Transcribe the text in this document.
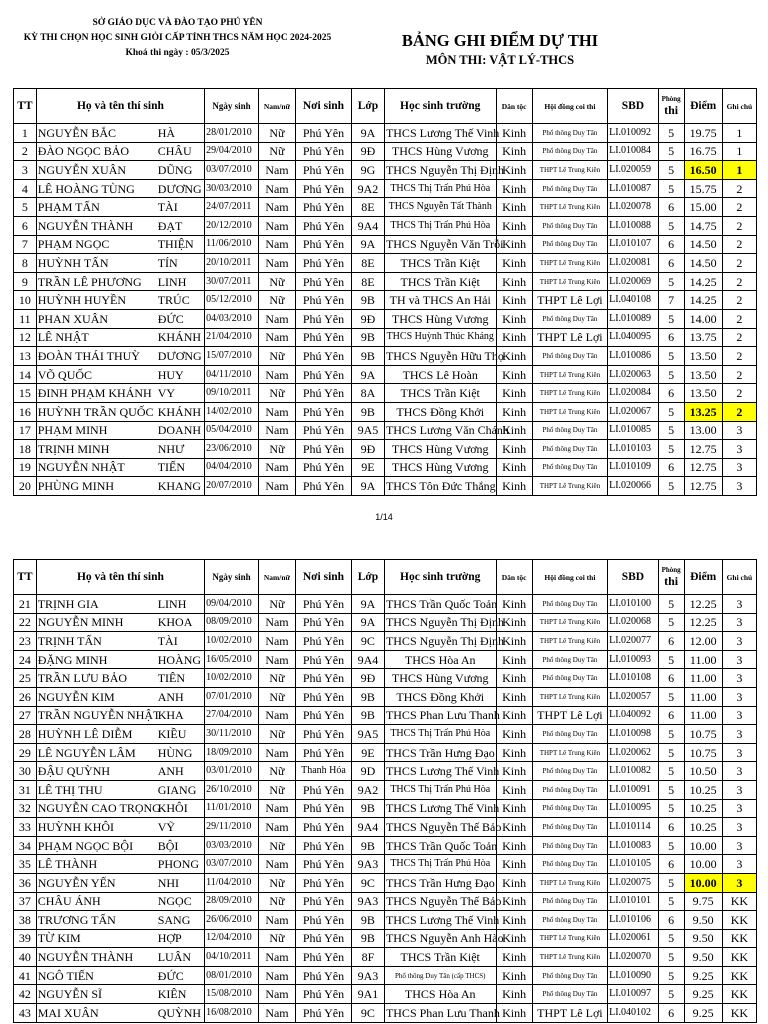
SỞ GIÁO DỤC VÀ ĐÀO TẠO PHÚ YÊN
KỲ THI CHỌN HỌC SINH GIỎI CẤP TỈNH THCS NĂM HỌC 2024-2025
Khoá thi ngày : 05/3/2025
BẢNG GHI ĐIỂM DỰ THI
MÔN THI: VẬT LÝ-THCS
TT	Họ và tên thí sinh	Ngày sinh	Nam/nữ	Nơi sinh	Lớp	Học sinh trường	Dân tộc	Hội đồng coi thi	SBD	Phòng
thi	Điểm	Ghi chú
1	NGUYỄN BẮC HÀ	28/01/2010	Nữ	Phú Yên	9A	THCS Lương Thế Vinh	Kinh	Phổ thông Duy Tân	LI.010092	5	19.75	1
2	ĐÀO NGỌC BẢO CHÂU	29/04/2010	Nữ	Phú Yên	9Đ	THCS Hùng Vương	Kinh	Phổ thông Duy Tân	LI.010084	5	16.75	1
3	NGUYỄN XUÂN DŨNG	03/07/2010	Nam	Phú Yên	9G	THCS Nguyễn Thị Định	Kinh	THPT Lê Trung Kiên	LI.020059	5	16.50	1
4	LÊ HOÀNG TÙNG DƯƠNG	30/03/2010	Nam	Phú Yên	9A2	THCS Thị Trấn Phú Hòa	Kinh	Phổ thông Duy Tân	LI.010087	5	15.75	2
5	PHẠM TẤN TÀI	24/07/2011	Nam	Phú Yên	8E	THCS Nguyễn Tất Thành	Kinh	THPT Lê Trung Kiên	LI.020078	6	15.00	2
6	NGUYỄN THÀNH ĐẠT	20/12/2010	Nam	Phú Yên	9A4	THCS Thị Trấn Phú Hòa	Kinh	Phổ thông Duy Tân	LI.010088	5	14.75	2
7	PHẠM NGỌC THIỆN	11/06/2010	Nam	Phú Yên	9A	THCS Nguyễn Văn Trỗi	Kinh	Phổ thông Duy Tân	LI.010107	6	14.50	2
8	HUỲNH TẤN TÍN	20/10/2011	Nam	Phú Yên	8E	THCS Trần Kiệt	Kinh	THPT Lê Trung Kiên	LI.020081	6	14.50	2
9	TRẦN LÊ PHƯƠNG LINH	30/07/2011	Nữ	Phú Yên	8E	THCS Trần Kiệt	Kinh	THPT Lê Trung Kiên	LI.020069	5	14.25	2
10	HUỲNH HUYỀN TRÚC	05/12/2010	Nữ	Phú Yên	9B	TH và THCS An Hải	Kinh	THPT Lê Lợi	LI.040108	7	14.25	2
11	PHAN XUÂN ĐỨC	04/03/2010	Nam	Phú Yên	9Đ	THCS Hùng Vương	Kinh	Phổ thông Duy Tân	LI.010089	5	14.00	2
12	LÊ NHẬT KHÁNH	21/04/2010	Nam	Phú Yên	9B	THCS Huỳnh Thúc Kháng	Kinh	THPT Lê Lợi	LI.040095	6	13.75	2
13	ĐOÀN THÁI THUỲ DƯƠNG	15/07/2010	Nữ	Phú Yên	9B	THCS Nguyễn Hữu Thọ	Kinh	Phổ thông Duy Tân	LI.010086	5	13.50	2
14	VÕ QUỐC HUY	04/11/2010	Nam	Phú Yên	9A	THCS Lê Hoàn	Kinh	THPT Lê Trung Kiên	LI.020063	5	13.50	2
15	ĐINH PHẠM KHÁNH VY	09/10/2011	Nữ	Phú Yên	8A	THCS Trần Kiệt	Kinh	THPT Lê Trung Kiên	LI.020084	6	13.50	2
16	HUỲNH TRẦN QUỐC KHÁNH	14/02/2010	Nam	Phú Yên	9B	THCS Đồng Khởi	Kinh	THPT Lê Trung Kiên	LI.020067	5	13.25	2
17	PHẠM MINH DOANH	05/04/2010	Nam	Phú Yên	9A5	THCS Lương Văn Chánh	Kinh	Phổ thông Duy Tân	LI.010085	5	13.00	3
18	TRỊNH MINH NHƯ	23/06/2010	Nữ	Phú Yên	9Đ	THCS Hùng Vương	Kinh	Phổ thông Duy Tân	LI.010103	5	12.75	3
19	NGUYỄN NHẬT TIẾN	04/04/2010	Nam	Phú Yên	9E	THCS Hùng Vương	Kinh	Phổ thông Duy Tân	LI.010109	6	12.75	3
20	PHÙNG MINH KHANG	20/07/2010	Nam	Phú Yên	9A	THCS Tôn Đức Thắng	Kinh	THPT Lê Trung Kiên	LI.020066	5	12.75	3
1/14
TT	Họ và tên thí sinh	Ngày sinh	Nam/nữ	Nơi sinh	Lớp	Học sinh trường	Dân tộc	Hội đồng coi thi	SBD	Phòng
thi	Điểm	Ghi chú
21	TRỊNH GIA LINH	09/04/2010	Nữ	Phú Yên	9A	THCS Trần Quốc Toản	Kinh	Phổ thông Duy Tân	LI.010100	5	12.25	3
22	NGUYỄN MINH KHOA	08/09/2010	Nam	Phú Yên	9A	THCS Nguyễn Thị Định	Kinh	THPT Lê Trung Kiên	LI.020068	5	12.25	3
23	TRỊNH TẤN TÀI	10/02/2010	Nam	Phú Yên	9C	THCS Nguyễn Thị Định	Kinh	THPT Lê Trung Kiên	LI.020077	6	12.00	3
24	ĐẶNG MINH HOÀNG	16/05/2010	Nam	Phú Yên	9A4	THCS Hòa An	Kinh	Phổ thông Duy Tân	LI.010093	5	11.00	3
25	TRẦN LƯU BẢO TIÊN	10/02/2010	Nữ	Phú Yên	9Đ	THCS Hùng Vương	Kinh	Phổ thông Duy Tân	LI.010108	6	11.00	3
26	NGUYỄN KIM ANH	07/01/2010	Nữ	Phú Yên	9B	THCS Đồng Khởi	Kinh	THPT Lê Trung Kiên	LI.020057	5	11.00	3
27	TRẦN NGUYỄN NHẬTKHA	27/04/2010	Nam	Phú Yên	9B	THCS Phan Lưu Thanh	Kinh	THPT Lê Lợi	LI.040092	6	11.00	3
28	HUỲNH LÊ DIỄM KIỀU	30/11/2010	Nữ	Phú Yên	9A5	THCS Thị Trấn Phú Hòa	Kinh	Phổ thông Duy Tân	LI.010098	5	10.75	3
29	LÊ NGUYỄN LÂM HÙNG	18/09/2010	Nam	Phú Yên	9E	THCS Trần Hưng Đạo	Kinh	THPT Lê Trung Kiên	LI.020062	5	10.75	3
30	ĐẬU QUỲNH ANH	03/01/2010	Nữ	Thanh Hóa	9D	THCS Lương Thế Vinh	Kinh	Phổ thông Duy Tân	LI.010082	5	10.50	3
31	LÊ THỊ THU GIANG	26/10/2010	Nữ	Phú Yên	9A2	THCS Thị Trấn Phú Hòa	Kinh	Phổ thông Duy Tân	LI.010091	5	10.25	3
32	NGUYỄN CAO TRỌNGKHÔI	11/01/2010	Nam	Phú Yên	9B	THCS Lương Thế Vinh	Kinh	Phổ thông Duy Tân	LI.010095	5	10.25	3
33	HUỲNH KHÔI VỸ	29/11/2010	Nam	Phú Yên	9A4	THCS Nguyễn Thế Bảo	Kinh	Phổ thông Duy Tân	LI.010114	6	10.25	3
34	PHẠM NGỌC BỘI BỘI	03/03/2010	Nữ	Phú Yên	9B	THCS Trần Quốc Toản	Kinh	Phổ thông Duy Tân	LI.010083	5	10.00	3
35	LÊ THÀNH PHONG	03/07/2010	Nam	Phú Yên	9A3	THCS Thị Trấn Phú Hòa	Kinh	Phổ thông Duy Tân	LI.010105	6	10.00	3
36	NGUYỄN YẾN NHI	11/04/2010	Nữ	Phú Yên	9C	THCS Trần Hưng Đạo	Kinh	THPT Lê Trung Kiên	LI.020075	5	10.00	3
37	CHÂU ÁNH NGỌC	28/09/2010	Nữ	Phú Yên	9A3	THCS Nguyễn Thế Bảo	Kinh	Phổ thông Duy Tân	LI.010101	5	9.75	KK
38	TRƯƠNG TẤN SANG	26/06/2010	Nam	Phú Yên	9B	THCS Lương Thế Vinh	Kinh	Phổ thông Duy Tân	LI.010106	6	9.50	KK
39	TỪ KIM HỢP	12/04/2010	Nữ	Phú Yên	9B	THCS Nguyễn Anh Hào	Kinh	THPT Lê Trung Kiên	LI.020061	5	9.50	KK
40	NGUYỄN THÀNH LUÂN	04/10/2011	Nam	Phú Yên	8F	THCS Trần Kiệt	Kinh	THPT Lê Trung Kiên	LI.020070	5	9.50	KK
41	NGÔ TIẾN ĐỨC	08/01/2010	Nam	Phú Yên	9A3	Phổ thông Duy Tân (cấp THCS)	Kinh	Phổ thông Duy Tân	LI.010090	5	9.25	KK
42	NGUYỄN SĨ KIÊN	15/08/2010	Nam	Phú Yên	9A1	THCS Hòa An	Kinh	Phổ thông Duy Tân	LI.010097	5	9.25	KK
43	MAI XUÂN QUỲNH	16/08/2010	Nam	Phú Yên	9C	THCS Phan Lưu Thanh	Kinh	THPT Lê Lợi	LI.040102	6	9.25	KK
